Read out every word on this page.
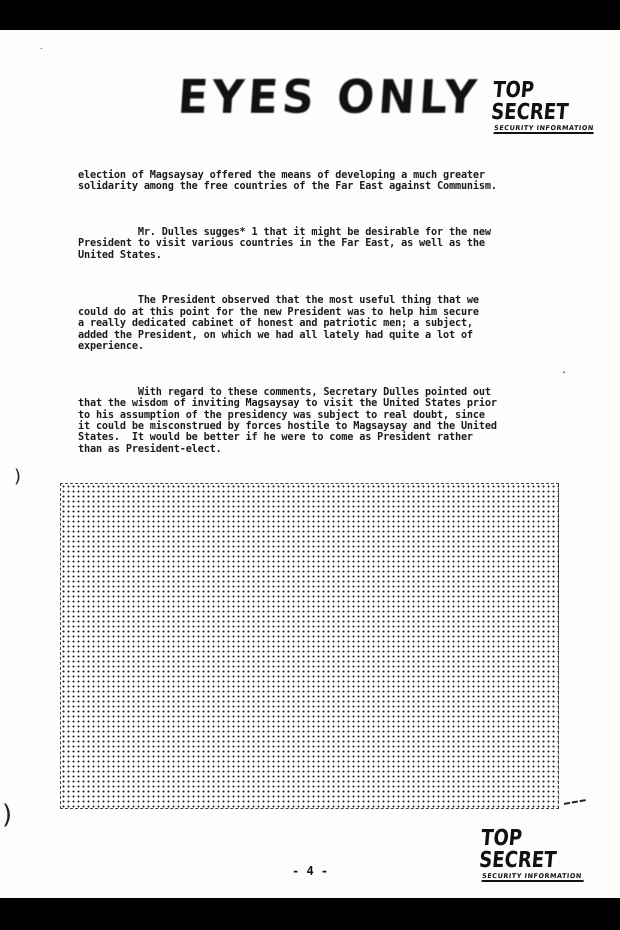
EYES ONLY TOP SECRET
SECURITY INFORMATION
.

election of Magsaysay offered the means of developing a much greater
solidarity among the free countries of the Far East against Communism.

Mr. Dulles sugges* 1 that it might be desirable for the new
President to visit various countries in the Far East, as well as the
United States.

The President observed that the most useful thing that we
could do at this point for the new President was to help him secure
a really dedicated cabinet of honest and patriotic men; a subject,
added the President, on which we had all lately had quite a lot of
experience.

With regard to these comments, Secretary Dulles pointed out
that the wisdom of inviting Magsaysay to visit the United States prior
to his assumption of the presidency was subject to real doubt, since
it could be misconstrued by forces hostile to Magsaysay and the United
States.  It would be better if he were to come as President rather
than as President-elect.

.
)
)
TOP SECRET
SECURITY INFORMATION
- 4 -
